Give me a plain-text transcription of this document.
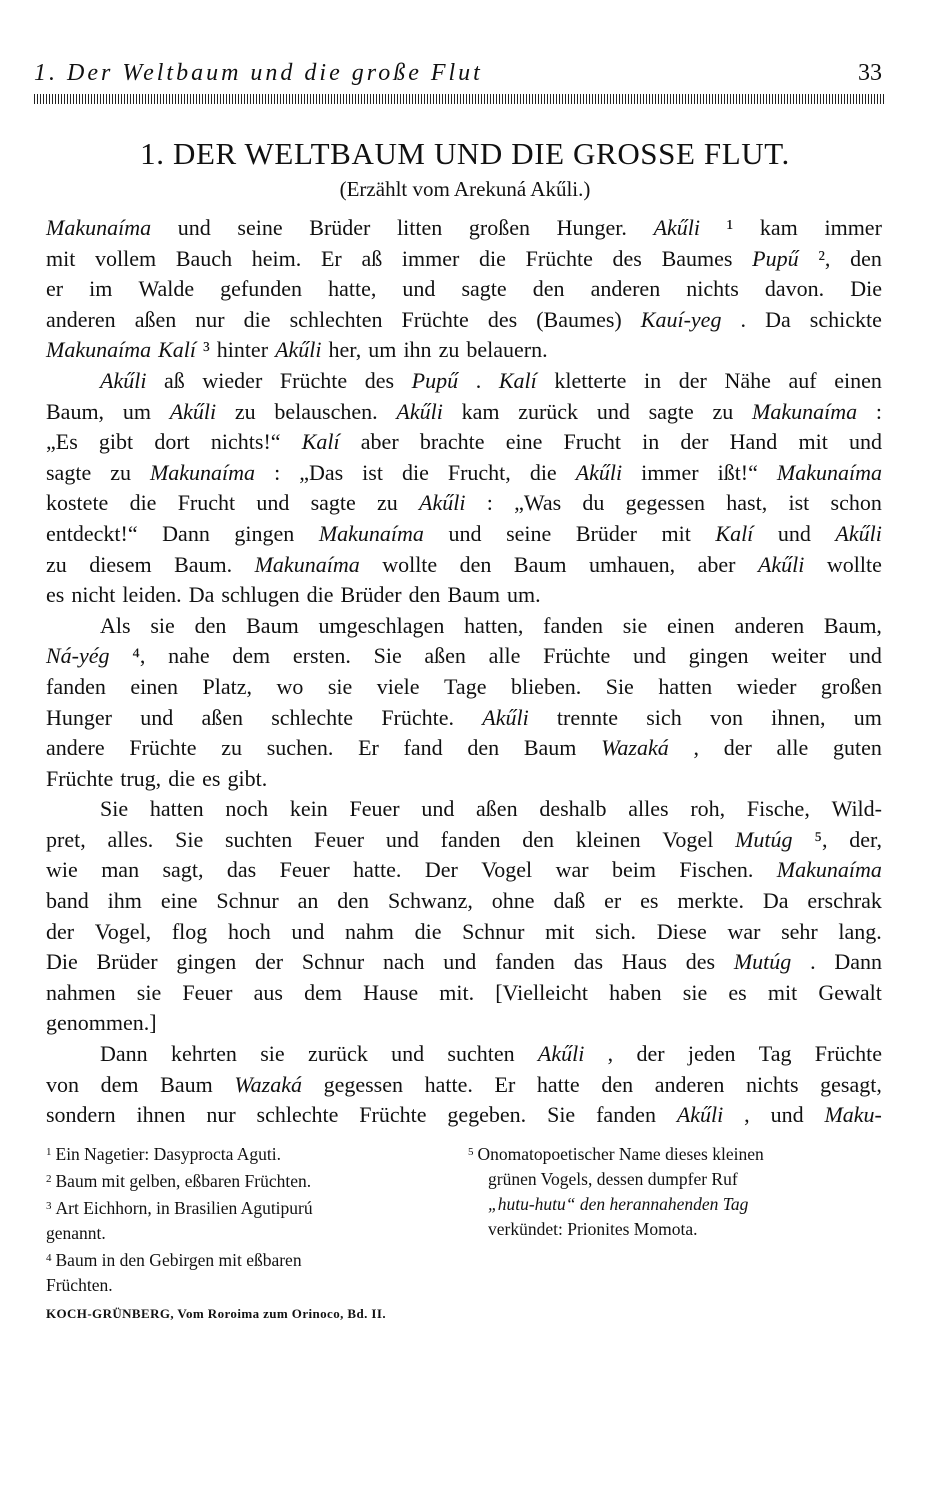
1. Der Weltbaum und die große Flut	33
1. DER WELTBAUM UND DIE GROSSE FLUT.
(Erzählt vom Arekuná Akűli.)
Makunaíma und seine Brüder litten großen Hunger. Akűli ¹ kam immer
mit vollem Bauch heim. Er aß immer die Früchte des Baumes Pupű ², den
er im Walde gefunden hatte, und sagte den anderen nichts davon. Die
anderen aßen nur die schlechten Früchte des (Baumes) Kauí-yeg . Da schickte
Makunaíma Kalí ³ hinter Akűli her, um ihn zu belauern.
Akűli aß wieder Früchte des Pupű . Kalí kletterte in der Nähe auf einen
Baum, um Akűli zu belauschen. Akűli kam zurück und sagte zu Makunaíma :
„Es gibt dort nichts!“ Kalí aber brachte eine Frucht in der Hand mit und
sagte zu Makunaíma : „Das ist die Frucht, die Akűli immer ißt!“ Makunaíma
kostete die Frucht und sagte zu Akűli : „Was du gegessen hast, ist schon
entdeckt!“ Dann gingen Makunaíma und seine Brüder mit Kalí und Akűli
zu diesem Baum. Makunaíma wollte den Baum umhauen, aber Akűli wollte
es nicht leiden. Da schlugen die Brüder den Baum um.
Als sie den Baum umgeschlagen hatten, fanden sie einen anderen Baum,
Ná-yég ⁴, nahe dem ersten. Sie aßen alle Früchte und gingen weiter und
fanden einen Platz, wo sie viele Tage blieben. Sie hatten wieder großen
Hunger und aßen schlechte Früchte. Akűli trennte sich von ihnen, um
andere Früchte zu suchen. Er fand den Baum Wazaká , der alle guten
Früchte trug, die es gibt.
Sie hatten noch kein Feuer und aßen deshalb alles roh, Fische, Wild-
pret, alles. Sie suchten Feuer und fanden den kleinen Vogel Mutúg ⁵, der,
wie man sagt, das Feuer hatte. Der Vogel war beim Fischen. Makunaíma
band ihm eine Schnur an den Schwanz, ohne daß er es merkte. Da erschrak
der Vogel, flog hoch und nahm die Schnur mit sich. Diese war sehr lang.
Die Brüder gingen der Schnur nach und fanden das Haus des Mutúg . Dann
nahmen sie Feuer aus dem Hause mit. [Vielleicht haben sie es mit Gewalt
genommen.]
Dann kehrten sie zurück und suchten Akűli , der jeden Tag Früchte
von dem Baum Wazaká gegessen hatte. Er hatte den anderen nichts gesagt,
sondern ihnen nur schlechte Früchte gegeben. Sie fanden Akűli , und Maku-
$^1$ Ein Nagetier: Dasyprocta Aguti.
$^2$ Baum mit gelben, eßbaren Früchten.
$^3$ Art Eichhorn, in Brasilien Agutipurú
genannt.
$^4$ Baum in den Gebirgen mit eßbaren
Früchten.
$^5$ Onomatopoetischer Name dieses kleinen
grünen Vogels, dessen dumpfer Ruf
„hutu-hutu“ den herannahenden Tag
verkündet: Prionites Momota.
KOCH-GRÜNBERG, Vom Roroima zum Orinoco, Bd. II.
